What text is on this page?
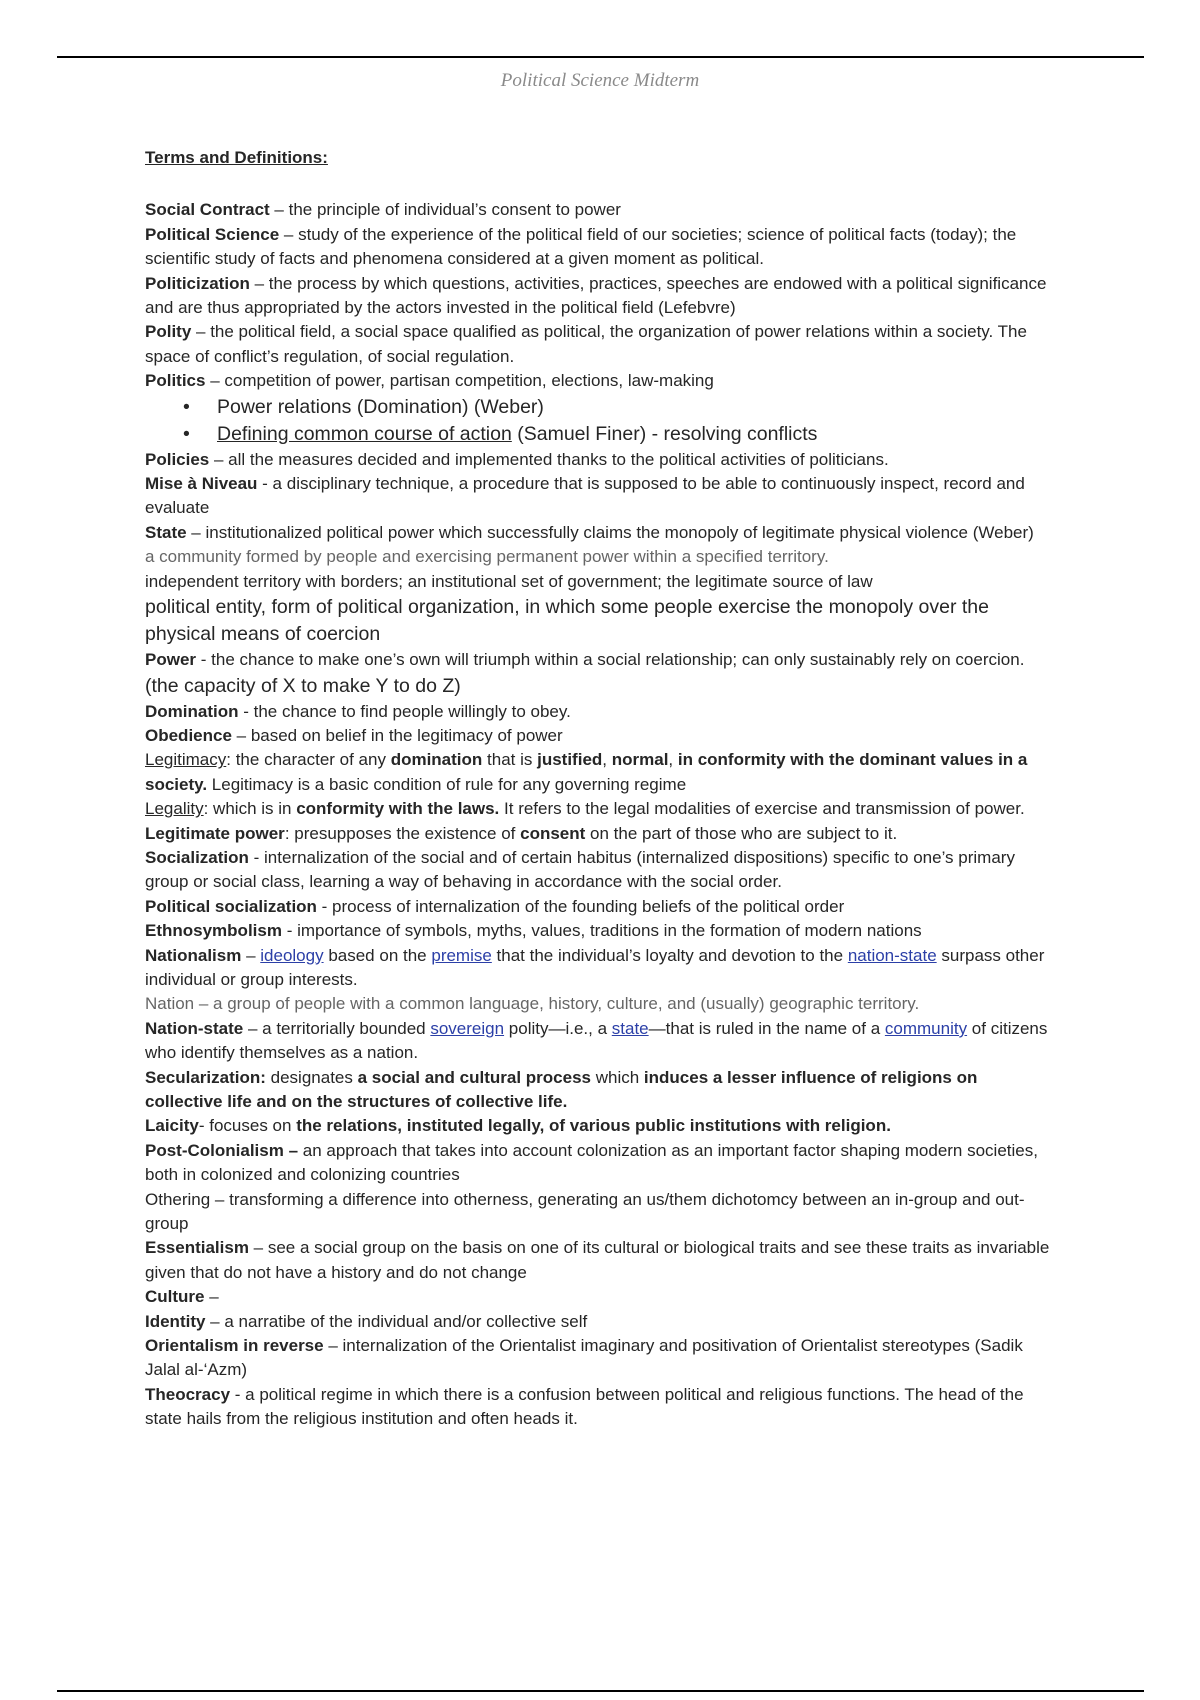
Political Science Midterm
Terms and Definitions:

Social Contract – the principle of individual’s consent to power

Political Science – study of the experience of the political field of our societies; science of political facts (today); the scientific study of facts and phenomena considered at a given moment as political.

Politicization – the process by which questions, activities, practices, speeches are endowed with a political significance and are thus appropriated by the actors invested in the political field (Lefebvre)

Polity – the political field, a social space qualified as political, the organization of power relations within a society. The space of conflict’s regulation, of social regulation.

Politics – competition of power, partisan competition, elections, law-making

• Power relations (Domination) (Weber)
• Defining common course of action (Samuel Finer) - resolving conflicts

Policies – all the measures decided and implemented thanks to the political activities of politicians.

Mise à Niveau - a disciplinary technique, a procedure that is supposed to be able to continuously inspect, record and evaluate

State – institutionalized political power which successfully claims the monopoly of legitimate physical violence (Weber)

a community formed by people and exercising permanent power within a specified territory.

independent territory with borders; an institutional set of government; the legitimate source of law

political entity, form of political organization, in which some people exercise the monopoly over the physical means of coercion

Power - the chance to make one’s own will triumph within a social relationship; can only sustainably rely on coercion. (the capacity of X to make Y to do Z)

Domination - the chance to find people willingly to obey.

Obedience – based on belief in the legitimacy of power

Legitimacy: the character of any domination that is justified, normal, in conformity with the dominant values in a society. Legitimacy is a basic condition of rule for any governing regime

Legality: which is in conformity with the laws. It refers to the legal modalities of exercise and transmission of power.

Legitimate power: presupposes the existence of consent on the part of those who are subject to it.

Socialization - internalization of the social and of certain habitus (internalized dispositions) specific to one’s primary group or social class, learning a way of behaving in accordance with the social order.

Political socialization - process of internalization of the founding beliefs of the political order

Ethnosymbolism - importance of symbols, myths, values, traditions in the formation of modern nations

Nationalism – ideology based on the premise that the individual’s loyalty and devotion to the nation-state surpass other individual or group interests.

Nation – a group of people with a common language, history, culture, and (usually) geographic territory.

Nation-state – a territorially bounded sovereign polity—i.e., a state—that is ruled in the name of a community of citizens who identify themselves as a nation.

Secularization: designates a social and cultural process which induces a lesser influence of religions on collective life and on the structures of collective life.

Laicity- focuses on the relations, instituted legally, of various public institutions with religion.

Post-Colonialism – an approach that takes into account colonization as an important factor shaping modern societies, both in colonized and colonizing countries

Othering – transforming a difference into otherness, generating an us/them dichotomcy between an in-group and out-group

Essentialism – see a social group on the basis on one of its cultural or biological traits and see these traits as invariable given that do not have a history and do not change

Culture –

Identity – a narratibe of the individual and/or collective self

Orientalism in reverse – internalization of the Orientalist imaginary and positivation of Orientalist stereotypes (Sadik Jalal al-‘Azm)

Theocracy - a political regime in which there is a confusion between political and religious functions. The head of the state hails from the religious institution and often heads it.
